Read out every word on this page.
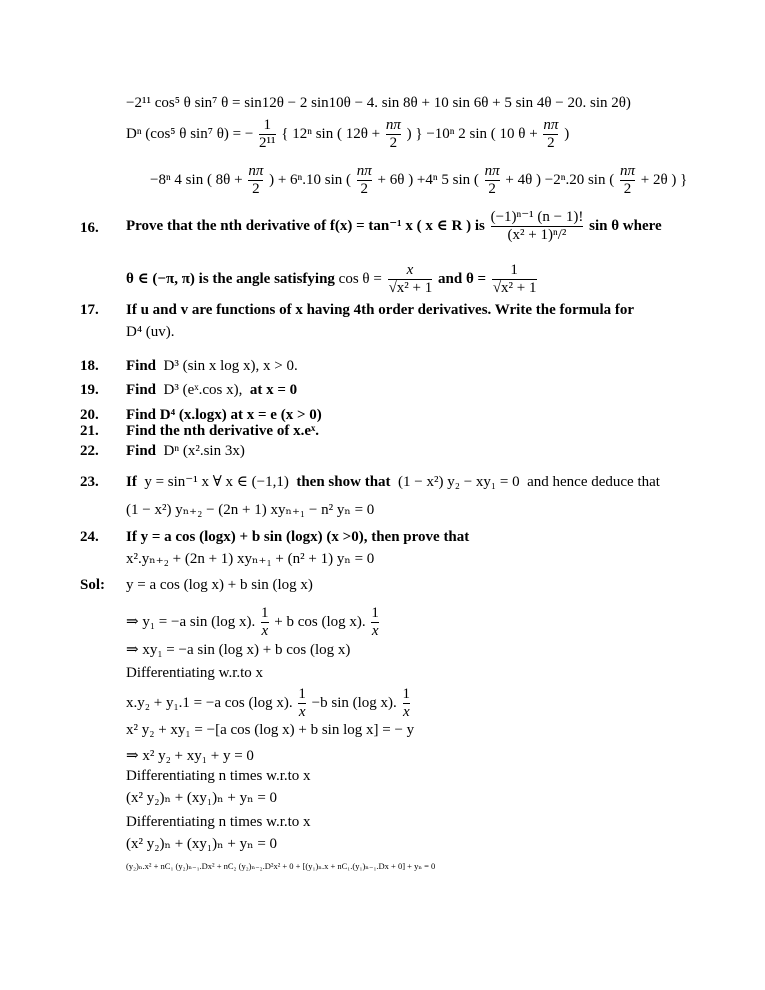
−2¹¹ cos⁵ θ sin⁷ θ = sin12θ − 2 sin10θ − 4. sin 8θ + 10 sin 6θ + 5 sin 4θ − 20. sin 2θ)
Dⁿ (cos⁵ θ sin⁷ θ) = − $\frac{1}{\text{2¹¹}}$ { 12ⁿ sin ( $12\theta + \frac{n\pi}{2}$ ) } −10ⁿ 2 sin ( 10 $\theta + \frac{n\pi}{2}$ )
−8ⁿ 4 sin ( $8\theta + \frac{n\pi}{2}$ ) + 6ⁿ.10 sin ( $\frac{n\pi}{2} + 6\theta$ ) +4ⁿ 5 sin ( $\frac{n\pi}{2} + 4\theta$ ) −2ⁿ.20 sin ( $\frac{n\pi}{2} + 2\theta$ ) }
16. Prove that the nth derivative of f(x) = tan⁻¹ x ( x ∈ R ) is $\frac{\text{(−1)ⁿ⁻¹ (n − 1)!}}{\text{(x² + 1)ⁿ/²}}$ sin θ where
θ ∈ (−π, π) is the angle satisfying $\cos \theta = \frac{x}{\text{√x² + 1}}$ and $\theta = \frac{1}{\text{√x² + 1}}$
17. If u and v are functions of x having 4th order derivatives. Write the formula for
D⁴ (uv).
18. Find D³ (sin x log x), x > 0.
19. Find D³ (eˣ.cos x), at x = 0
20. Find D⁴ (x.logx) at x = e (x > 0)
21. Find the nth derivative of x.eˣ.
22. Find Dⁿ (x².sin 3x)
23. If y = sin⁻¹ x ∀ x ∈ (−1,1) then show that (1 − x²) y₂ − xy₁ = 0 and hence deduce that
(1 − x²) yₙ₊₂ − (2n + 1) xyₙ₊₁ − n² yₙ = 0
24. If y = a cos (logx) + b sin (logx) (x >0), then prove that
x².yₙ₊₂ + (2n + 1) xyₙ₊₁ + (n² + 1) yₙ = 0
Sol: y = a cos (log x) + b sin (log x)
⇒ y₁ = −a sin (log x). $\frac{1}{x} + b$ cos (log x). $\frac{1}{x}$
⇒ xy₁ = −a sin (log x) + b cos (log x)
Differentiating w.r.to x
x.y₂ + y₁.1 = −a cos (log x). $\frac{1}{x} -b$ sin (log x). $\frac{1}{x}$
x² y₂ + xy₁ = −[a cos (log x) + b sin log x] = − y
⇒ x² y₂ + xy₁ + y = 0
Differentiating n times w.r.to x
(x² y₂)ₙ + (xy₁)ₙ + yₙ = 0
Differentiating n times w.r.to x
(x² y₂)ₙ + (xy₁)ₙ + yₙ = 0
(y₂)ₙ.x² + nC₁ (y₂)ₙ₋₁.Dx² + nC₂ (y₂)ₙ₋₂.D²x² + 0 + [(y₁)ₙ.x + nC₁.(y₁)ₙ₋₁.Dx + 0] + yₙ = 0
